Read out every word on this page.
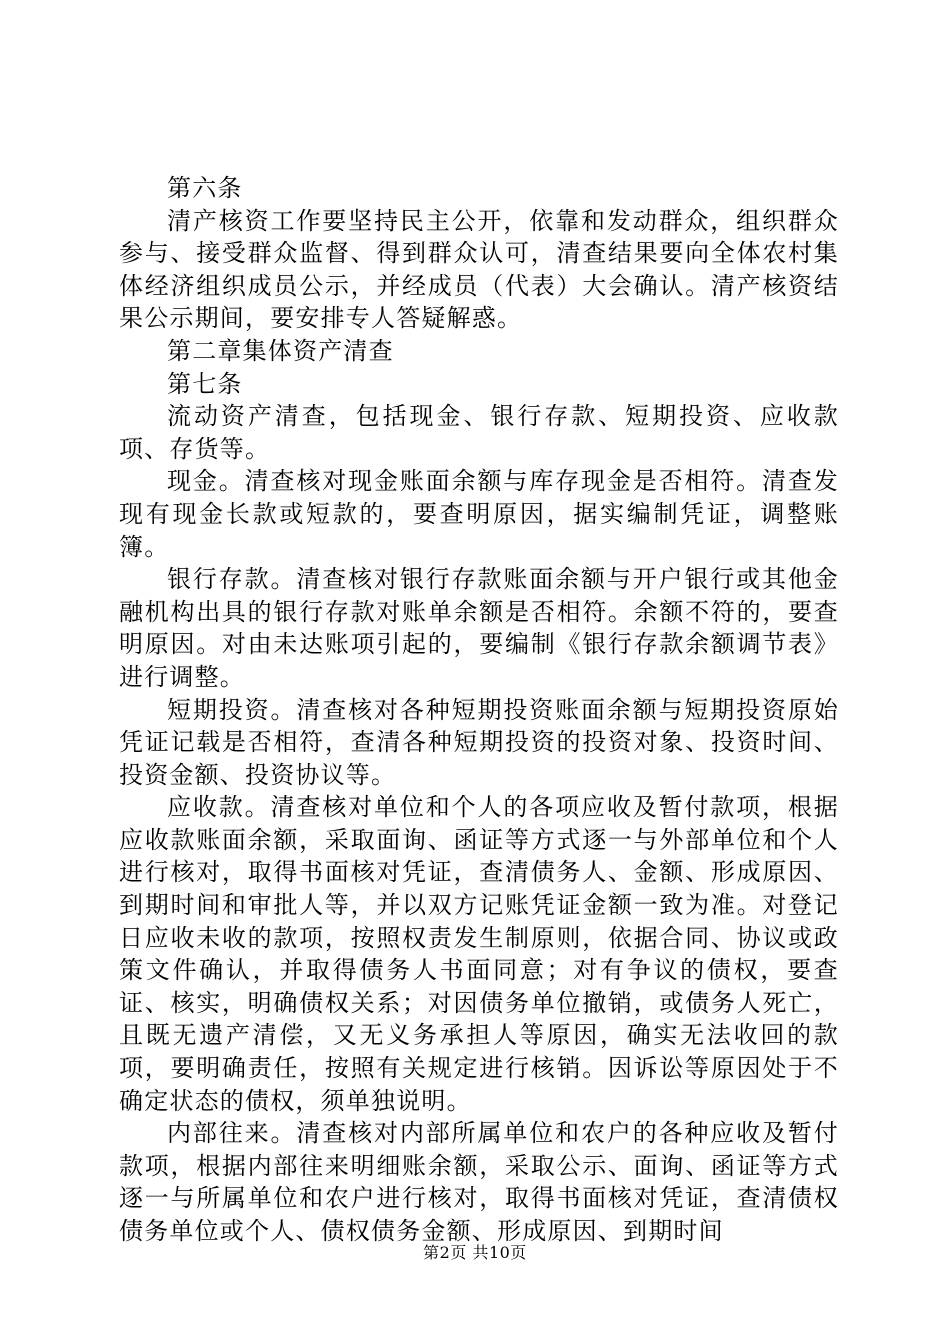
第六条

清产核资工作要坚持民主公开，依靠和发动群众，组织群众参与、接受群众监督、得到群众认可，清查结果要向全体农村集体经济组织成员公示，并经成员（代表）大会确认。清产核资结果公示期间，要安排专人答疑解惑。

第二章集体资产清查

第七条

流动资产清查，包括现金、银行存款、短期投资、应收款项、存货等。

现金。清查核对现金账面余额与库存现金是否相符。清查发现有现金长款或短款的，要查明原因，据实编制凭证，调整账簿。

银行存款。清查核对银行存款账面余额与开户银行或其他金融机构出具的银行存款对账单余额是否相符。余额不符的，要查明原因。对由未达账项引起的，要编制《银行存款余额调节表》进行调整。

短期投资。清查核对各种短期投资账面余额与短期投资原始凭证记载是否相符，查清各种短期投资的投资对象、投资时间、投资金额、投资协议等。

应收款。清查核对单位和个人的各项应收及暂付款项，根据应收款账面余额，采取面询、函证等方式逐一与外部单位和个人进行核对，取得书面核对凭证，查清债务人、金额、形成原因、到期时间和审批人等，并以双方记账凭证金额一致为准。对登记日应收未收的款项，按照权责发生制原则，依据合同、协议或政策文件确认，并取得债务人书面同意；对有争议的债权，要查证、核实，明确债权关系；对因债务单位撤销，或债务人死亡，且既无遗产清偿，又无义务承担人等原因，确实无法收回的款项，要明确责任，按照有关规定进行核销。因诉讼等原因处于不确定状态的债权，须单独说明。

内部往来。清查核对内部所属单位和农户的各种应收及暂付款项，根据内部往来明细账余额，采取公示、面询、函证等方式逐一与所属单位和农户进行核对，取得书面核对凭证，查清债权债务单位或个人、债权债务金额、形成原因、到期时间

第2页 共10页
